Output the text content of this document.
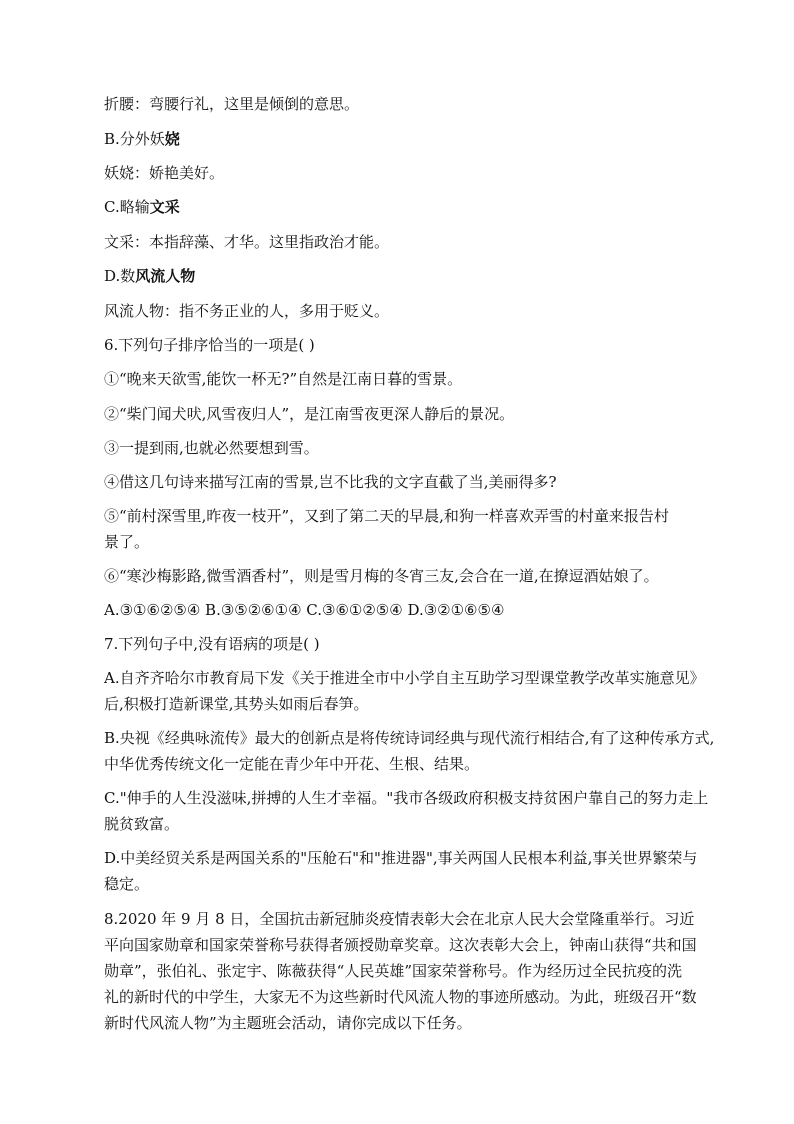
折腰：弯腰行礼，这里是倾倒的意思。
B.分外妖娆
妖娆：娇艳美好。
C.略输文采
文采：本指辞藻、才华。这里指政治才能。
D.数风流人物
风流人物：指不务正业的人，多用于贬义。
6.下列句子排序恰当的一项是( )
①“晚来天欲雪,能饮一杯无?”自然是江南日暮的雪景。
②“柴门闻犬吠,风雪夜归人”，是江南雪夜更深人静后的景况。
③一提到雨,也就必然要想到雪。
④借这几句诗来描写江南的雪景,岂不比我的文字直截了当,美丽得多?
⑤“前村深雪里,昨夜一枝开”，又到了第二天的早晨,和狗一样喜欢弄雪的村童来报告村
景了。
⑥“寒沙梅影路,微雪酒香村”，则是雪月梅的冬宵三友,会合在一道,在撩逗酒姑娘了。
A.③①⑥②⑤④ B.③⑤②⑥①④ C.③⑥①②⑤④ D.③②①⑥⑤④
7.下列句子中,没有语病的项是( )
A.自齐齐哈尔市教育局下发《关于推进全市中小学自主互助学习型课堂教学改革实施意见》
后,积极打造新课堂,其势头如雨后春笋。
B.央视《经典咏流传》最大的创新点是将传统诗词经典与现代流行相结合,有了这种传承方式,
中华优秀传统文化一定能在青少年中开花、生根、结果。
C."伸手的人生没滋味,拼搏的人生才幸福。"我市各级政府积极支持贫困户靠自己的努力走上
脱贫致富。
D.中美经贸关系是两国关系的"压舱石"和"推进器",事关两国人民根本利益,事关世界繁荣与
稳定。
8.2020 年 9 月 8 日，全国抗击新冠肺炎疫情表彰大会在北京人民大会堂隆重举行。习近
平向国家勋章和国家荣誉称号获得者颁授勋章奖章。这次表彰大会上，钟南山获得“共和国
勋章”，张伯礼、张定宇、陈薇获得“人民英雄”国家荣誉称号。作为经历过全民抗疫的洗
礼的新时代的中学生，大家无不为这些新时代风流人物的事迹所感动。为此，班级召开“数
新时代风流人物”为主题班会活动，请你完成以下任务。
